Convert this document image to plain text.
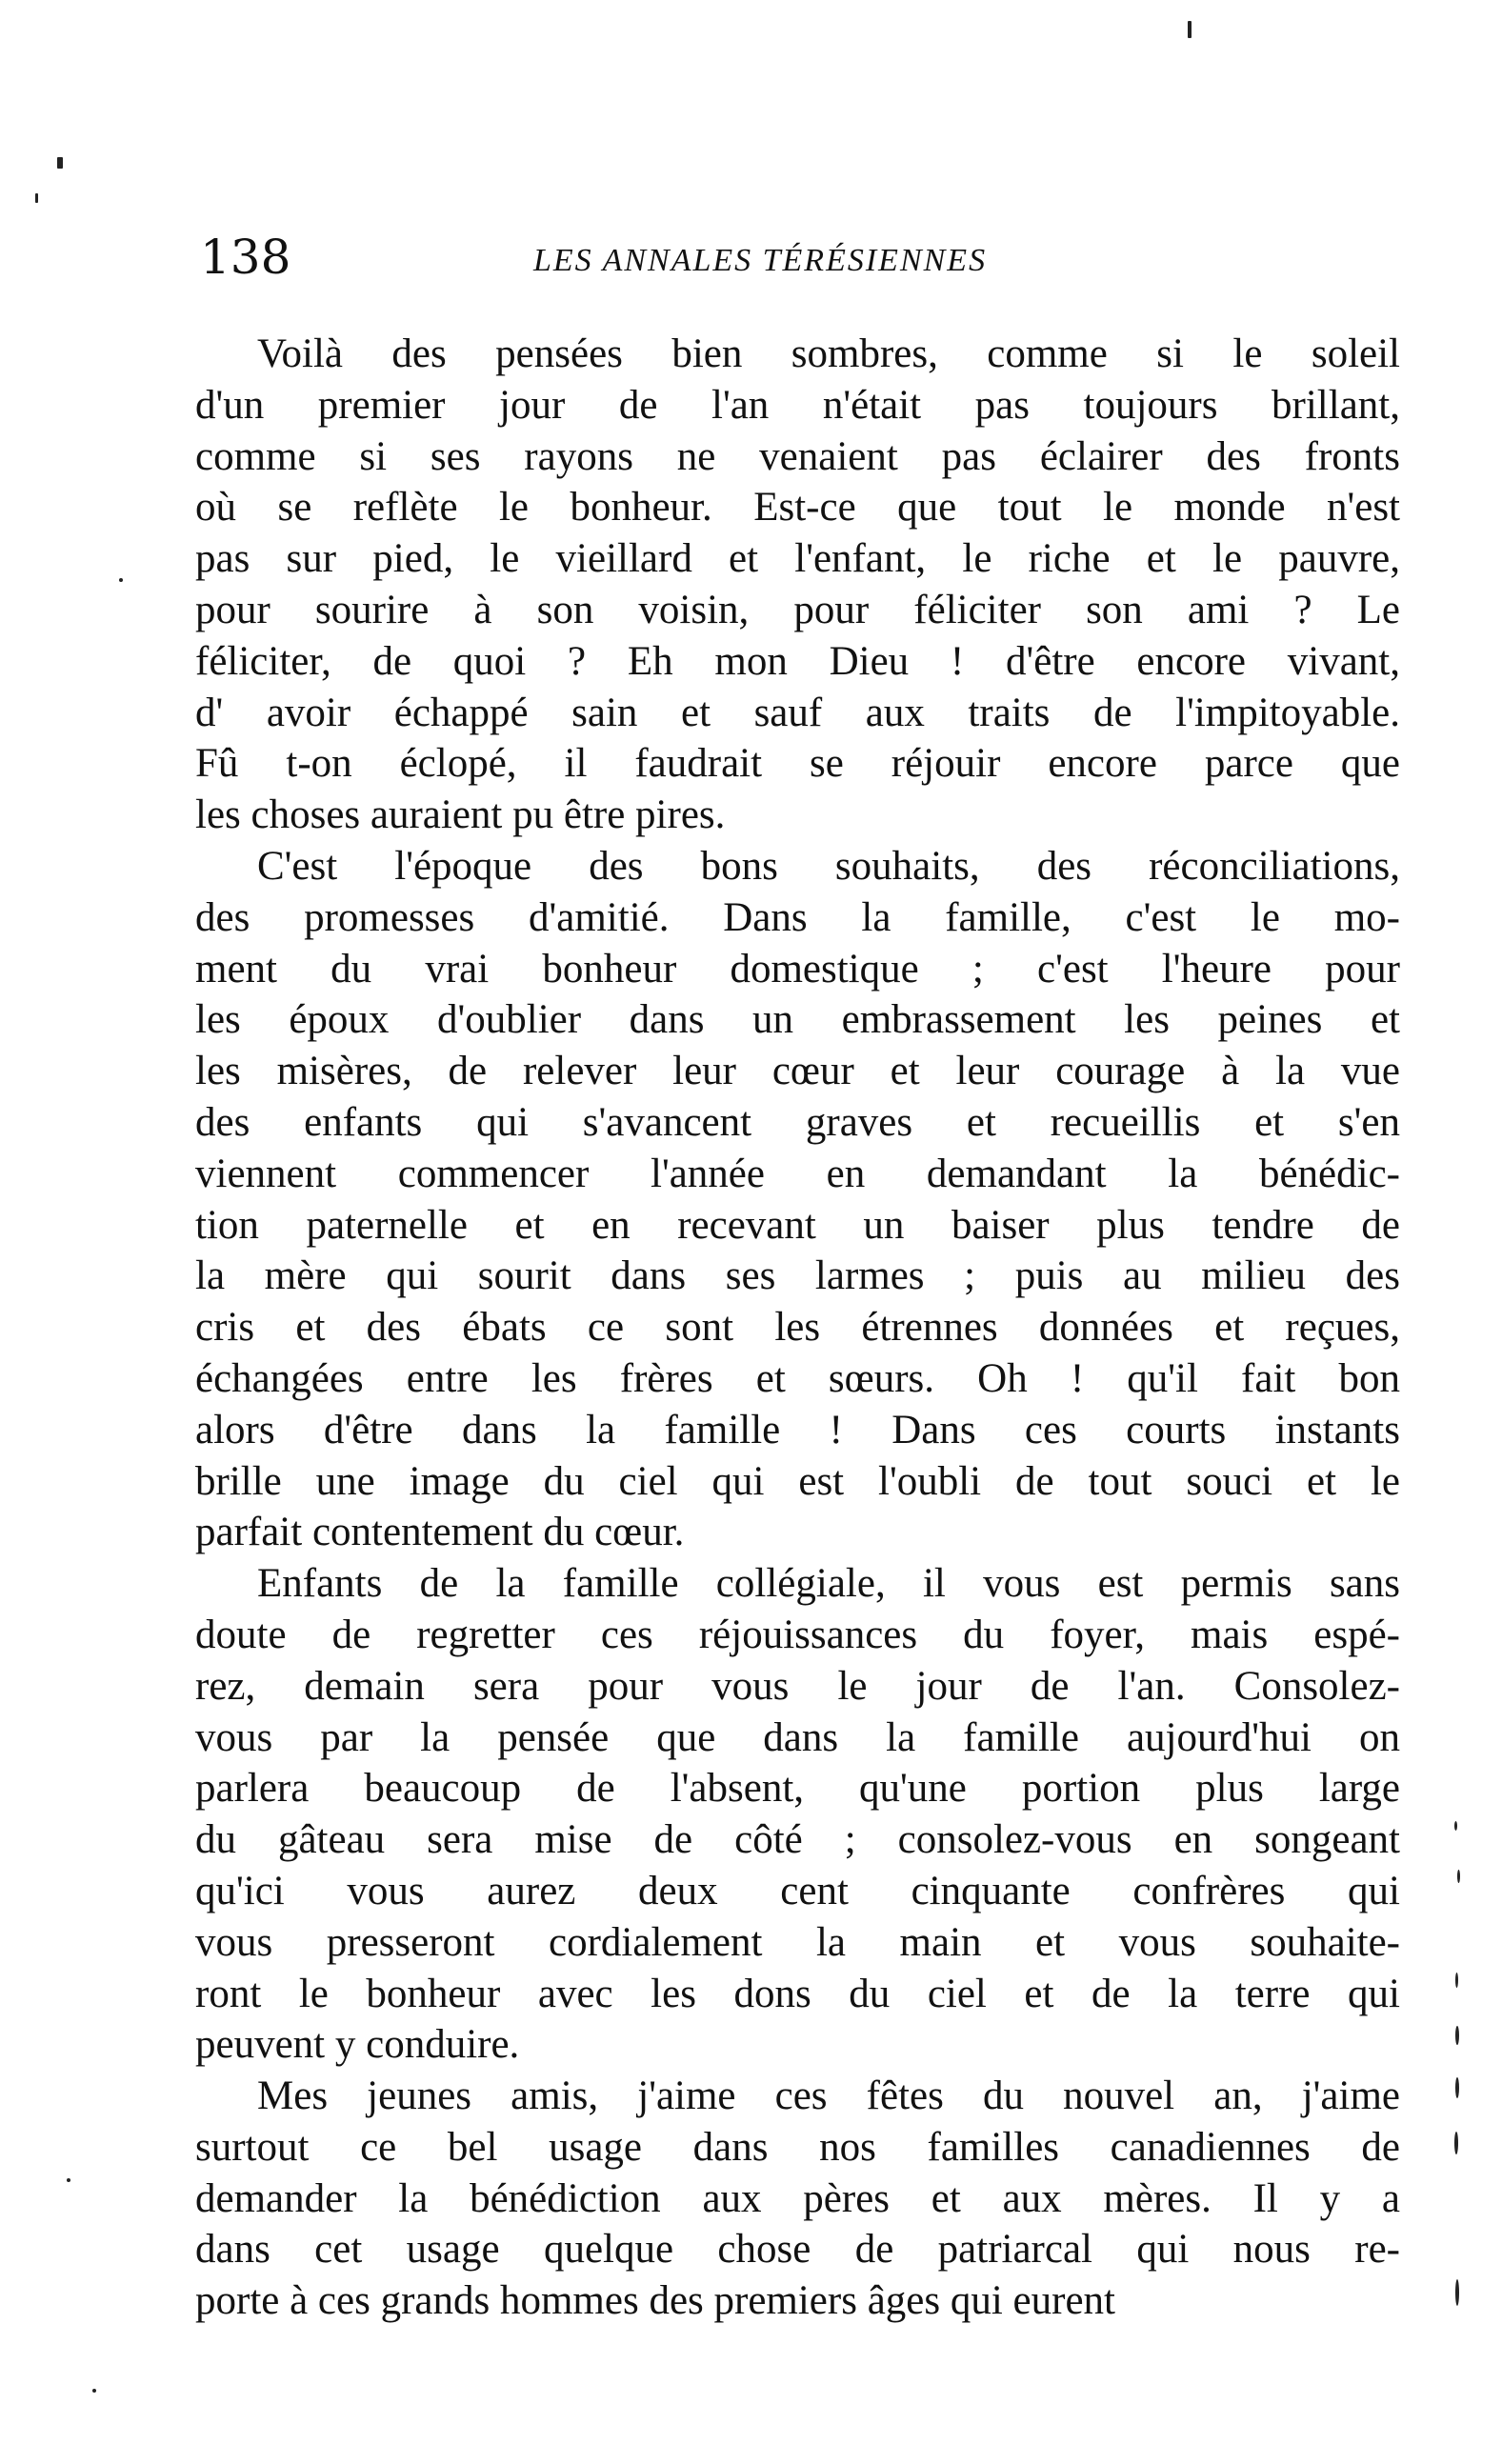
138	LES ANNALES TÉRÉSIENNES
Voilà des pensées bien sombres, comme si le soleil
d'un premier jour de l'an n'était pas toujours brillant,
comme si ses rayons ne venaient pas éclairer des fronts
où se reflète le bonheur. Est-ce que tout le monde n'est
pas sur pied, le vieillard et l'enfant, le riche et le pauvre,
pour sourire à son voisin, pour féliciter son ami ? Le
féliciter, de quoi ? Eh mon Dieu ! d'être encore vivant,
d' avoir échappé sain et sauf aux traits de l'impitoyable.
Fû t-on éclopé, il faudrait se réjouir encore parce que
les choses auraient pu être pires.
C'est l'époque des bons souhaits, des réconciliations,
des promesses d'amitié. Dans la famille, c'est le mo-
ment du vrai bonheur domestique ; c'est l'heure pour
les époux d'oublier dans un embrassement les peines et
les misères, de relever leur cœur et leur courage à la vue
des enfants qui s'avancent graves et recueillis et s'en
viennent commencer l'année en demandant la bénédic-
tion paternelle et en recevant un baiser plus tendre de
la mère qui sourit dans ses larmes ; puis au milieu des
cris et des ébats ce sont les étrennes données et reçues,
échangées entre les frères et sœurs. Oh ! qu'il fait bon
alors d'être dans la famille ! Dans ces courts instants
brille une image du ciel qui est l'oubli de tout souci et le
parfait contentement du cœur.
Enfants de la famille collégiale, il vous est permis sans
doute de regretter ces réjouissances du foyer, mais espé-
rez, demain sera pour vous le jour de l'an. Consolez-
vous par la pensée que dans la famille aujourd'hui on
parlera beaucoup de l'absent, qu'une portion plus large
du gâteau sera mise de côté ; consolez-vous en songeant
qu'ici vous aurez deux cent cinquante confrères qui
vous presseront cordialement la main et vous souhaite-
ront le bonheur avec les dons du ciel et de la terre qui
peuvent y conduire.
Mes jeunes amis, j'aime ces fêtes du nouvel an, j'aime
surtout ce bel usage dans nos familles canadiennes de
demander la bénédiction aux pères et aux mères. Il y a
dans cet usage quelque chose de patriarcal qui nous re-
porte à ces grands hommes des premiers âges qui eurent
